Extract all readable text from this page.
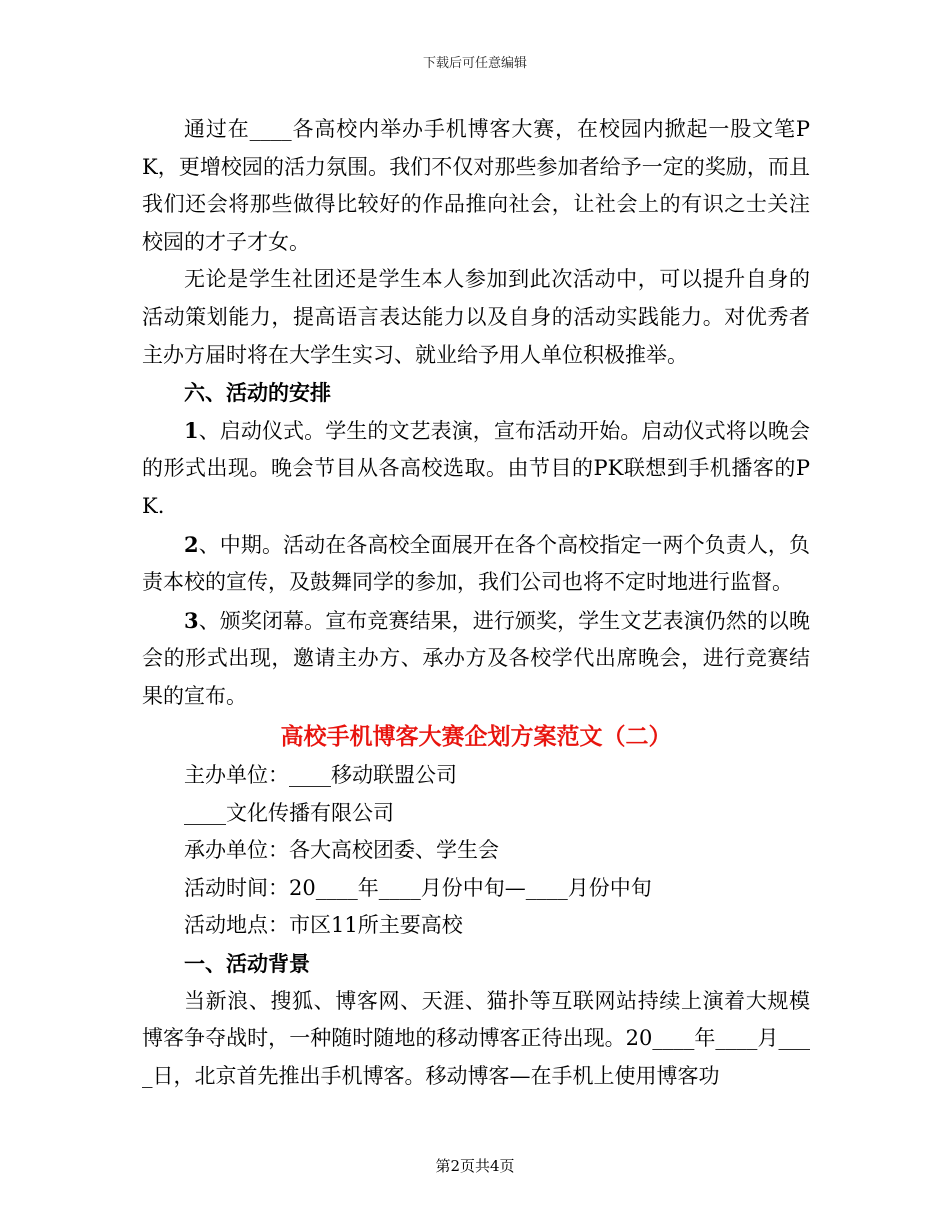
下载后可任意编辑

通过在____各高校内举办手机博客大赛，在校园内掀起一股文笔PK，更增校园的活力氛围。我们不仅对那些参加者给予一定的奖励，而且我们还会将那些做得比较好的作品推向社会，让社会上的有识之士关注校园的才子才女。

无论是学生社团还是学生本人参加到此次活动中，可以提升自身的活动策划能力，提高语言表达能力以及自身的活动实践能力。对优秀者主办方届时将在大学生实习、就业给予用人单位积极推举。

六、活动的安排

1、启动仪式。学生的文艺表演，宣布活动开始。启动仪式将以晚会的形式出现。晚会节目从各高校选取。由节目的PK联想到手机播客的PK.

2、中期。活动在各高校全面展开在各个高校指定一两个负责人，负责本校的宣传，及鼓舞同学的参加，我们公司也将不定时地进行监督。

3、颁奖闭幕。宣布竞赛结果，进行颁奖，学生文艺表演仍然的以晚会的形式出现，邀请主办方、承办方及各校学代出席晚会，进行竞赛结果的宣布。

高校手机博客大赛企划方案范文（二）

主办单位：____移动联盟公司

____文化传播有限公司

承办单位：各大高校团委、学生会

活动时间：20____年____月份中旬—____月份中旬

活动地点：市区11所主要高校

一、活动背景

当新浪、搜狐、博客网、天涯、猫扑等互联网站持续上演着大规模博客争夺战时，一种随时随地的移动博客正待出现。20____年____月____日，北京首先推出手机博客。移动博客—在手机上使用博客功

第2页共4页
